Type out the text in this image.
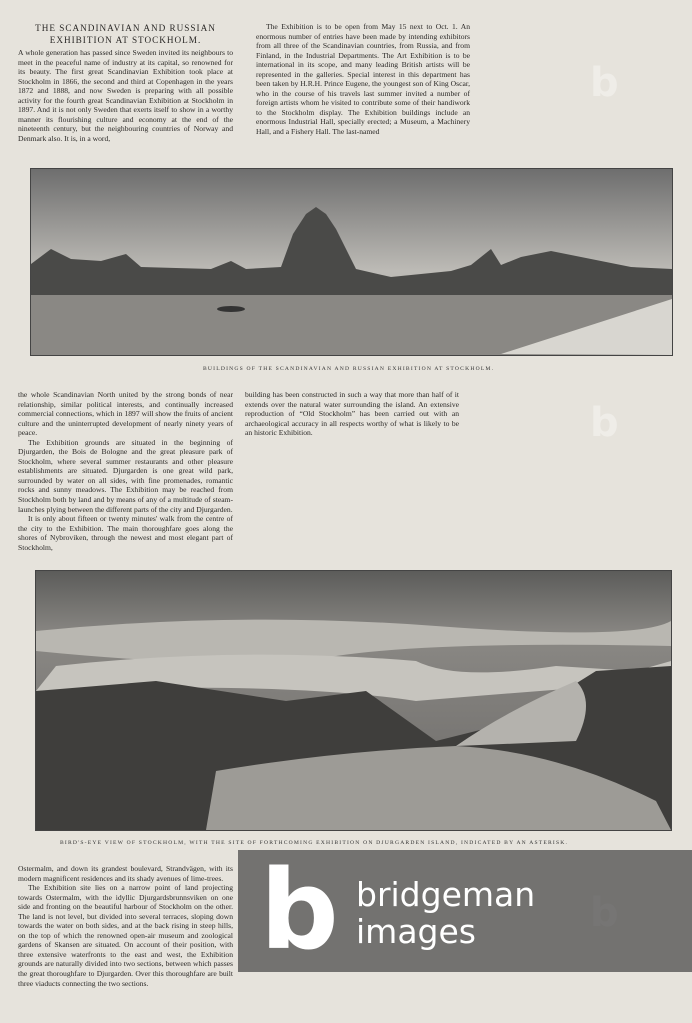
THE SCANDINAVIAN AND RUSSIAN
EXHIBITION AT STOCKHOLM.

A whole generation has passed since Sweden invited its neighbours to meet in the peaceful name of industry at its capital, so renowned for its beauty. The first great Scandinavian Exhibition took place at Stockholm in 1866, the second and third at Copenhagen in the years 1872 and 1888, and now Sweden is preparing with all possible activity for the fourth great Scandinavian Exhibition at Stockholm in 1897. And it is not only Sweden that exerts itself to show in a worthy manner its flourishing culture and economy at the end of the nineteenth century, but the neighbouring countries of Norway and Denmark also. It is, in a word,

The Exhibition is to be open from May 15 next to Oct. 1. An enormous number of entries have been made by intending exhibitors from all three of the Scandinavian countries, from Russia, and from Finland, in the Industrial Departments. The Art Exhibition is to be international in its scope, and many leading British artists will be represented in the galleries. Special interest in this department has been taken by H.R.H. Prince Eugene, the youngest son of King Oscar, who in the course of his travels last summer invited a number of foreign artists whom he visited to contribute some of their handiwork to the Stockholm display. The Exhibition buildings include an enormous Industrial Hall, specially erected; a Museum, a Machinery Hall, and a Fishery Hall. The last-named

BUILDINGS OF THE SCANDINAVIAN AND RUSSIAN EXHIBITION AT STOCKHOLM.

the whole Scandinavian North united by the strong bonds of near relationship, similar political interests, and continually increased commercial connections, which in 1897 will show the fruits of ancient culture and the uninterrupted development of nearly ninety years of peace.

The Exhibition grounds are situated in the beginning of Djurgarden, the Bois de Bologne and the great pleasure park of Stockholm, where several summer restaurants and other pleasure establishments are situated. Djurgarden is one great wild park, surrounded by water on all sides, with fine promenades, romantic rocks and sunny meadows. The Exhibition may be reached from Stockholm both by land and by means of any of a multitude of steam-launches plying between the different parts of the city and Djurgarden.

It is only about fifteen or twenty minutes' walk from the centre of the city to the Exhibition. The main thoroughfare goes along the shores of Nybroviken, through the newest and most elegant part of Stockholm,

building has been constructed in such a way that more than half of it extends over the natural water surrounding the island. An extensive reproduction of “Old Stockholm” has been carried out with an archaeological accuracy in all respects worthy of what is likely to be an historic Exhibition.

BIRD'S-EYE VIEW OF STOCKHOLM, WITH THE SITE OF FORTHCOMING EXHIBITION ON DJURGARDEN ISLAND, INDICATED BY AN ASTERISK.

Ostermalm, and down its grandest boulevard, Strandvägen, with its modern magnificent residences and its shady avenues of lime-trees.

The Exhibition site lies on a narrow point of land projecting towards Ostermalm, with the idyllic Djurgardsbrunnsviken on one side and fronting on the beautiful harbour of Stockholm on the other. The land is not level, but divided into several terraces, sloping down towards the water on both sides, and at the back rising in steep hills, on the top of which the renowned open-air museum and zoological gardens of Skansen are situated. On account of their position, with three extensive waterfronts to the east and west, the Exhibition grounds are naturally divided into two sections, between which passes the great thoroughfare to Djurgarden. Over this thoroughfare are built three viaducts connecting the two sections.

b
b
b bridgeman
images
